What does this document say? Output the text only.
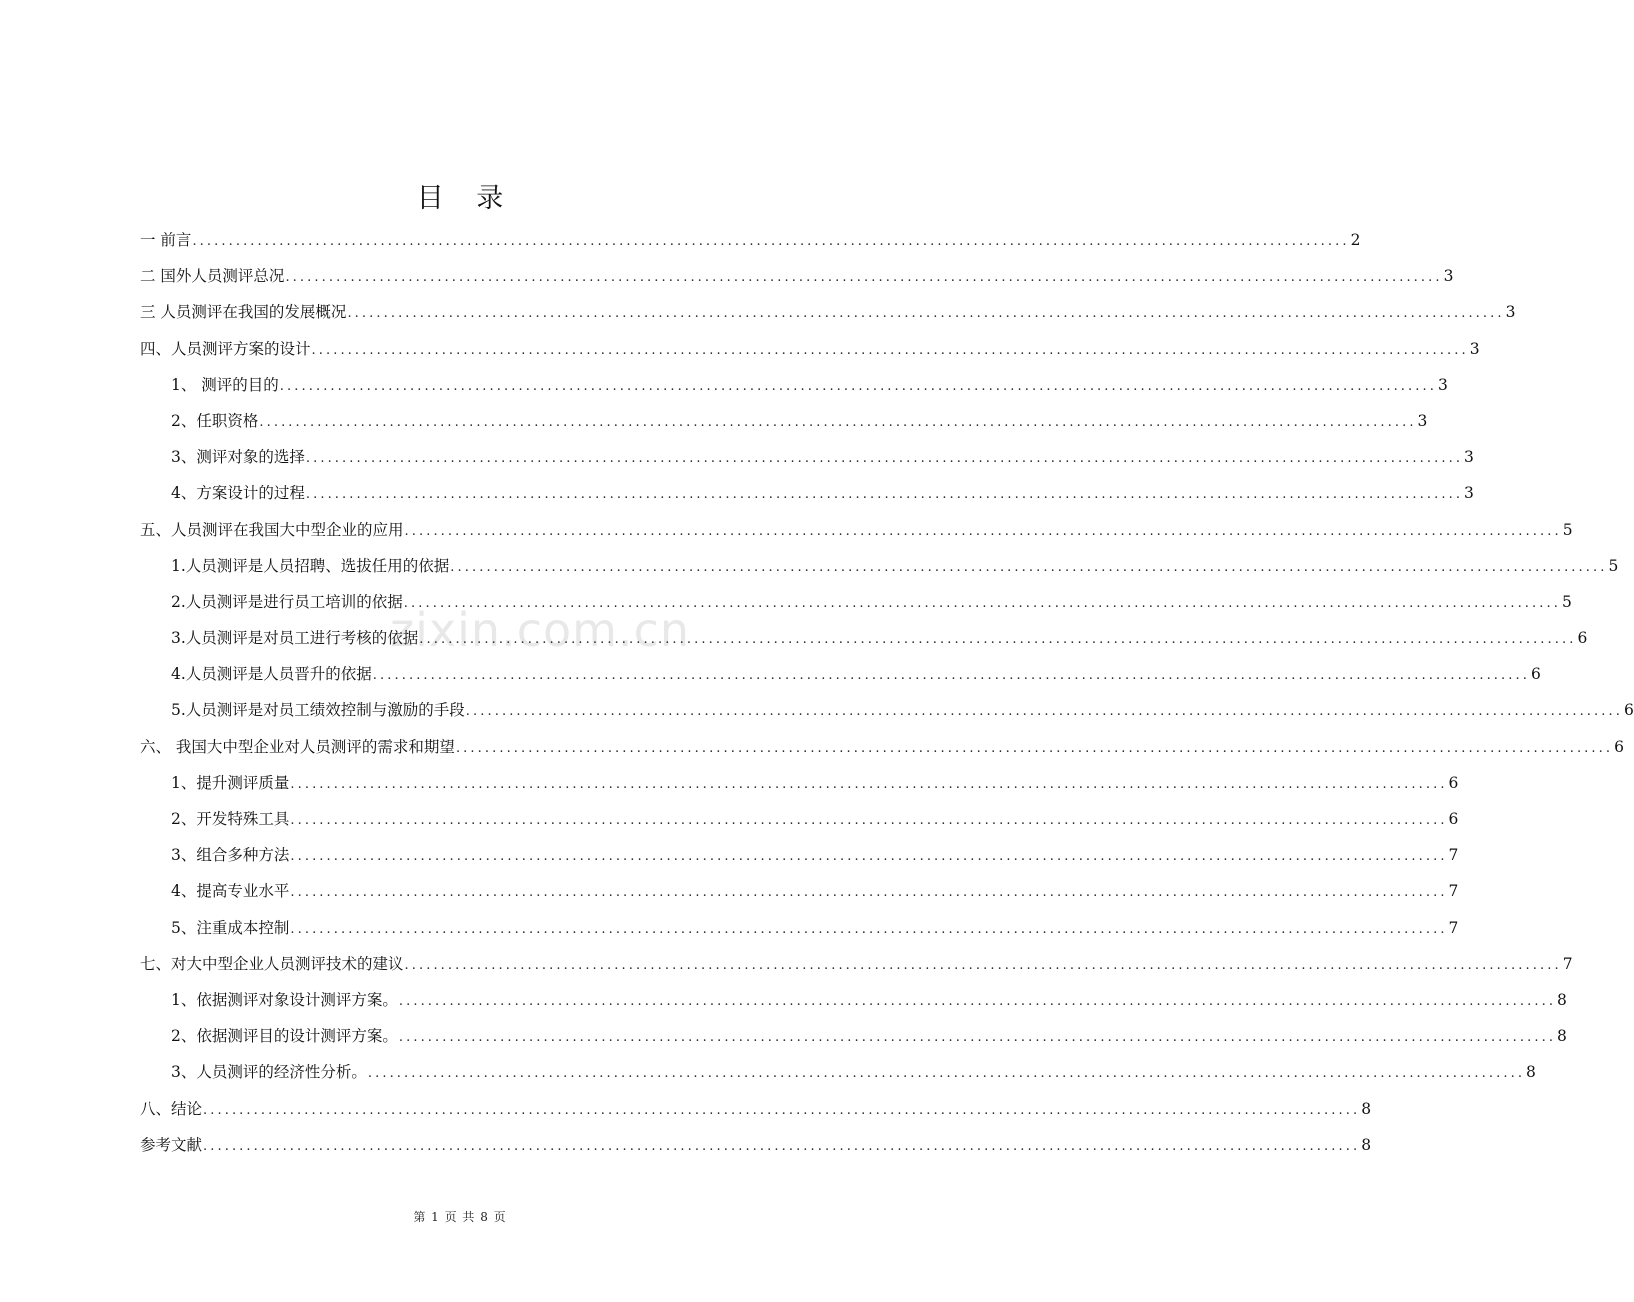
zixin.com.cn
目 录
一 前言 ................................................................................................................................................................ 2
二 国外人员测评总况 ................................................................................................................................................................ 3
三 人员测评在我国的发展概况 ................................................................................................................................................................ 3
四、人员测评方案的设计 ................................................................................................................................................................ 3
1、 测评的目的 ................................................................................................................................................................ 3
2、任职资格 ................................................................................................................................................................ 3
3、测评对象的选择 ................................................................................................................................................................ 3
4、方案设计的过程 ................................................................................................................................................................ 3
五、人员测评在我国大中型企业的应用 ................................................................................................................................................................ 5
1.人员测评是人员招聘、选拔任用的依据 ................................................................................................................................................................ 5
2.人员测评是进行员工培训的依据 ................................................................................................................................................................ 5
3.人员测评是对员工进行考核的依据 ................................................................................................................................................................ 6
4.人员测评是人员晋升的依据 ................................................................................................................................................................ 6
5.人员测评是对员工绩效控制与激励的手段 ................................................................................................................................................................ 6
六、 我国大中型企业对人员测评的需求和期望 ................................................................................................................................................................ 6
1、提升测评质量 ................................................................................................................................................................ 6
2、开发特殊工具 ................................................................................................................................................................ 6
3、组合多种方法 ................................................................................................................................................................ 7
4、提高专业水平 ................................................................................................................................................................ 7
5、注重成本控制 ................................................................................................................................................................ 7
七、对大中型企业人员测评技术的建议 ................................................................................................................................................................ 7
1、依据测评对象设计测评方案。 ................................................................................................................................................................ 8
2、依据测评目的设计测评方案。 ................................................................................................................................................................ 8
3、人员测评的经济性分析。 ................................................................................................................................................................ 8
八、结论 ................................................................................................................................................................ 8
参考文献 ................................................................................................................................................................ 8
第 1 页 共 8 页
